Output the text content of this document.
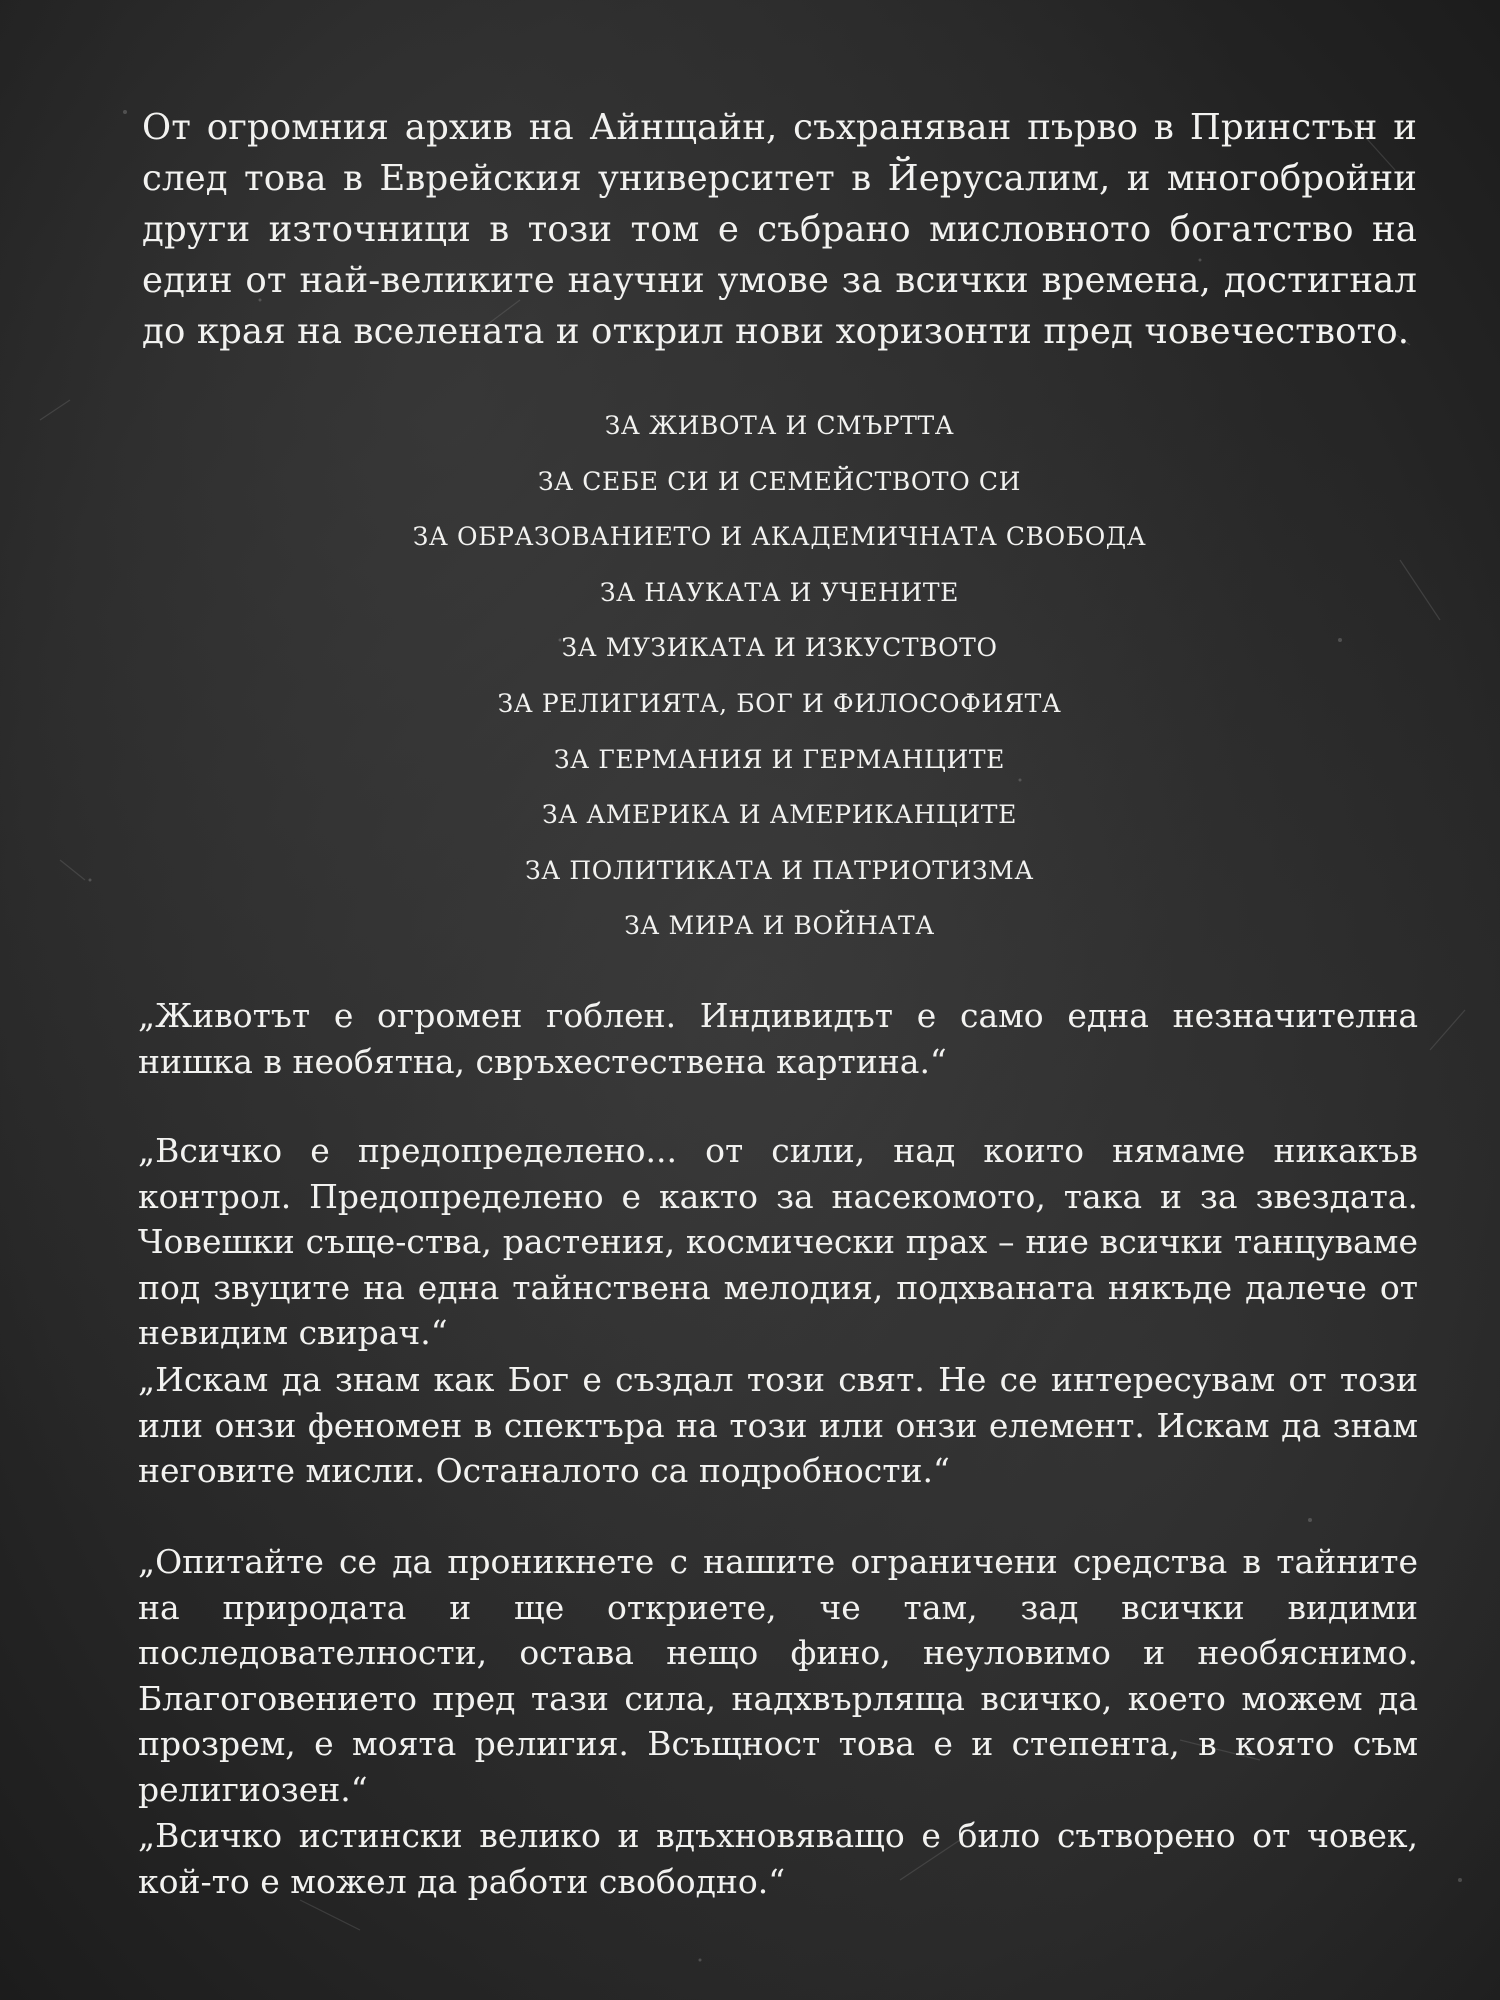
От огромния архив на Айнщайн, съхраняван първо в Принстън и след това в Еврейския университет в Йерусалим, и многобройни други източници в този том е събрано мисловното богатство на един от най-великите научни умове за всички времена, достигнал до края на вселената и открил нови хоризонти пред човечеството.

ЗА ЖИВОТА И СМЪРТТА
ЗА СЕБЕ СИ И СЕМЕЙСТВОТО СИ
ЗА ОБРАЗОВАНИЕТО И АКАДЕМИЧНАТА СВОБОДА
ЗА НАУКАТА И УЧЕНИТЕ
ЗА МУЗИКАТА И ИЗКУСТВОТО
ЗА РЕЛИГИЯТА, БОГ И ФИЛОСОФИЯТА
ЗА ГЕРМАНИЯ И ГЕРМАНЦИТЕ
ЗА АМЕРИКА И АМЕРИКАНЦИТЕ
ЗА ПОЛИТИКАТА И ПАТРИОТИЗМА
ЗА МИРА И ВОЙНАТА

„Животът е огромен гоблен. Индивидът е само една незначителна нишка в необятна, свръхестествена картина.“

„Всичко е предопределено... от сили, над които нямаме никакъв контрол. Предопределено е както за насекомото, така и за звездата. Човешки съще-ства, растения, космически прах – ние всички танцуваме под звуците на една тайнствена мелодия, подхваната някъде далече от невидим свирач.“

„Искам да знам как Бог е създал този свят. Не се интересувам от този или онзи феномен в спектъра на този или онзи елемент. Искам да знам неговите мисли. Останалото са подробности.“

„Опитайте се да проникнете с нашите ограничени средства в тайните на природата и ще откриете, че там, зад всички видими последователности, остава нещо фино, неуловимо и необяснимо. Благоговението пред тази сила, надхвърляща всичко, което можем да прозрем, е моята религия. Всъщност това е и степента, в която съм религиозен.“

„Всичко истински велико и вдъхновяващо е било сътворено от човек, кой-то е можел да работи свободно.“
